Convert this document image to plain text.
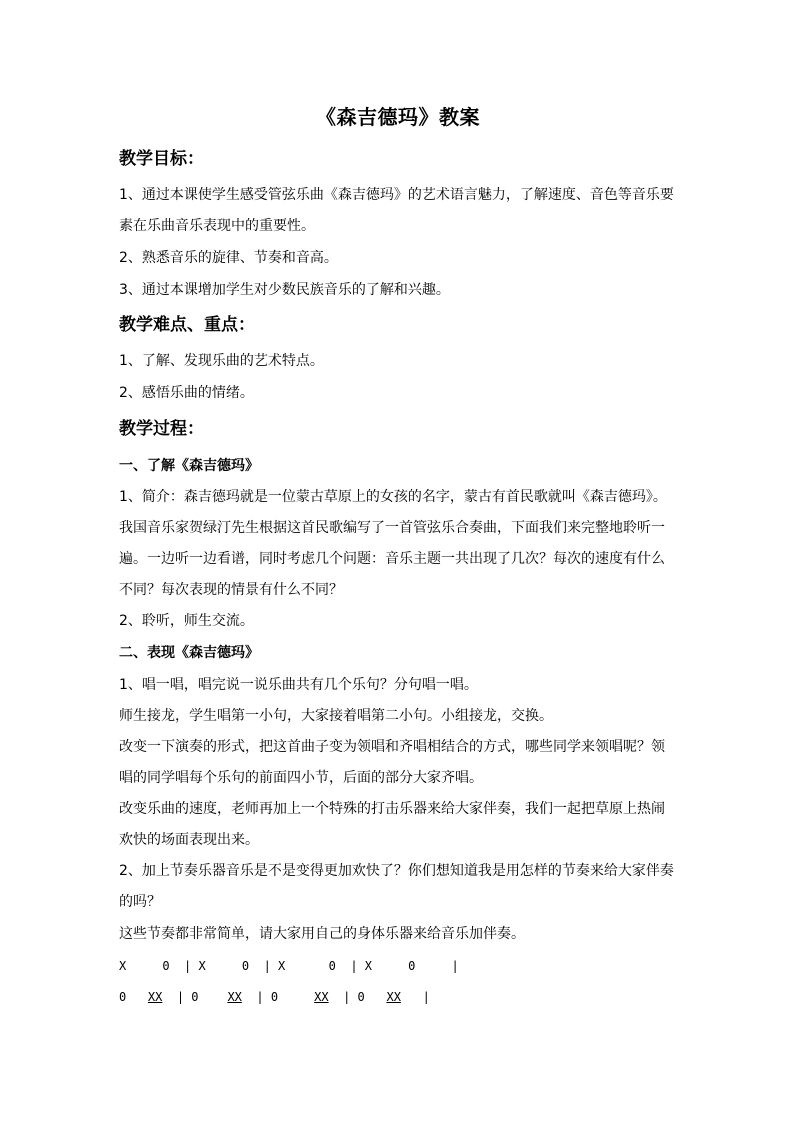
《森吉德玛》教案
教学目标：
1、通过本课使学生感受管弦乐曲《森吉德玛》的艺术语言魅力，了解速度、音色等音乐要
素在乐曲音乐表现中的重要性。
2、熟悉音乐的旋律、节奏和音高。
3、通过本课增加学生对少数民族音乐的了解和兴趣。
教学难点、重点：
1、了解、发现乐曲的艺术特点。
2、感悟乐曲的情绪。
教学过程：
一、了解《森吉德玛》
1、简介：森吉德玛就是一位蒙古草原上的女孩的名字，蒙古有首民歌就叫《森吉德玛》。
我国音乐家贺绿汀先生根据这首民歌编写了一首管弦乐合奏曲，下面我们来完整地聆听一
遍。一边听一边看谱，同时考虑几个问题：音乐主题一共出现了几次？每次的速度有什么
不同？每次表现的情景有什么不同？
2、聆听，师生交流。
二、表现《森吉德玛》
1、唱一唱，唱完说一说乐曲共有几个乐句？分句唱一唱。
师生接龙，学生唱第一小句，大家接着唱第二小句。小组接龙，交换。
改变一下演奏的形式，把这首曲子变为领唱和齐唱相结合的方式，哪些同学来领唱呢？领
唱的同学唱每个乐句的前面四小节，后面的部分大家齐唱。
改变乐曲的速度，老师再加上一个特殊的打击乐器来给大家伴奏，我们一起把草原上热闹
欢快的场面表现出来。
2、加上节奏乐器音乐是不是变得更加欢快了？你们想知道我是用怎样的节奏来给大家伴奏
的吗？
这些节奏都非常简单，请大家用自己的身体乐器来给音乐加伴奏。
X	0 | X	0 | X	0 | X	0	|
0 XX | 0 XX | 0	XX | 0 XX |
